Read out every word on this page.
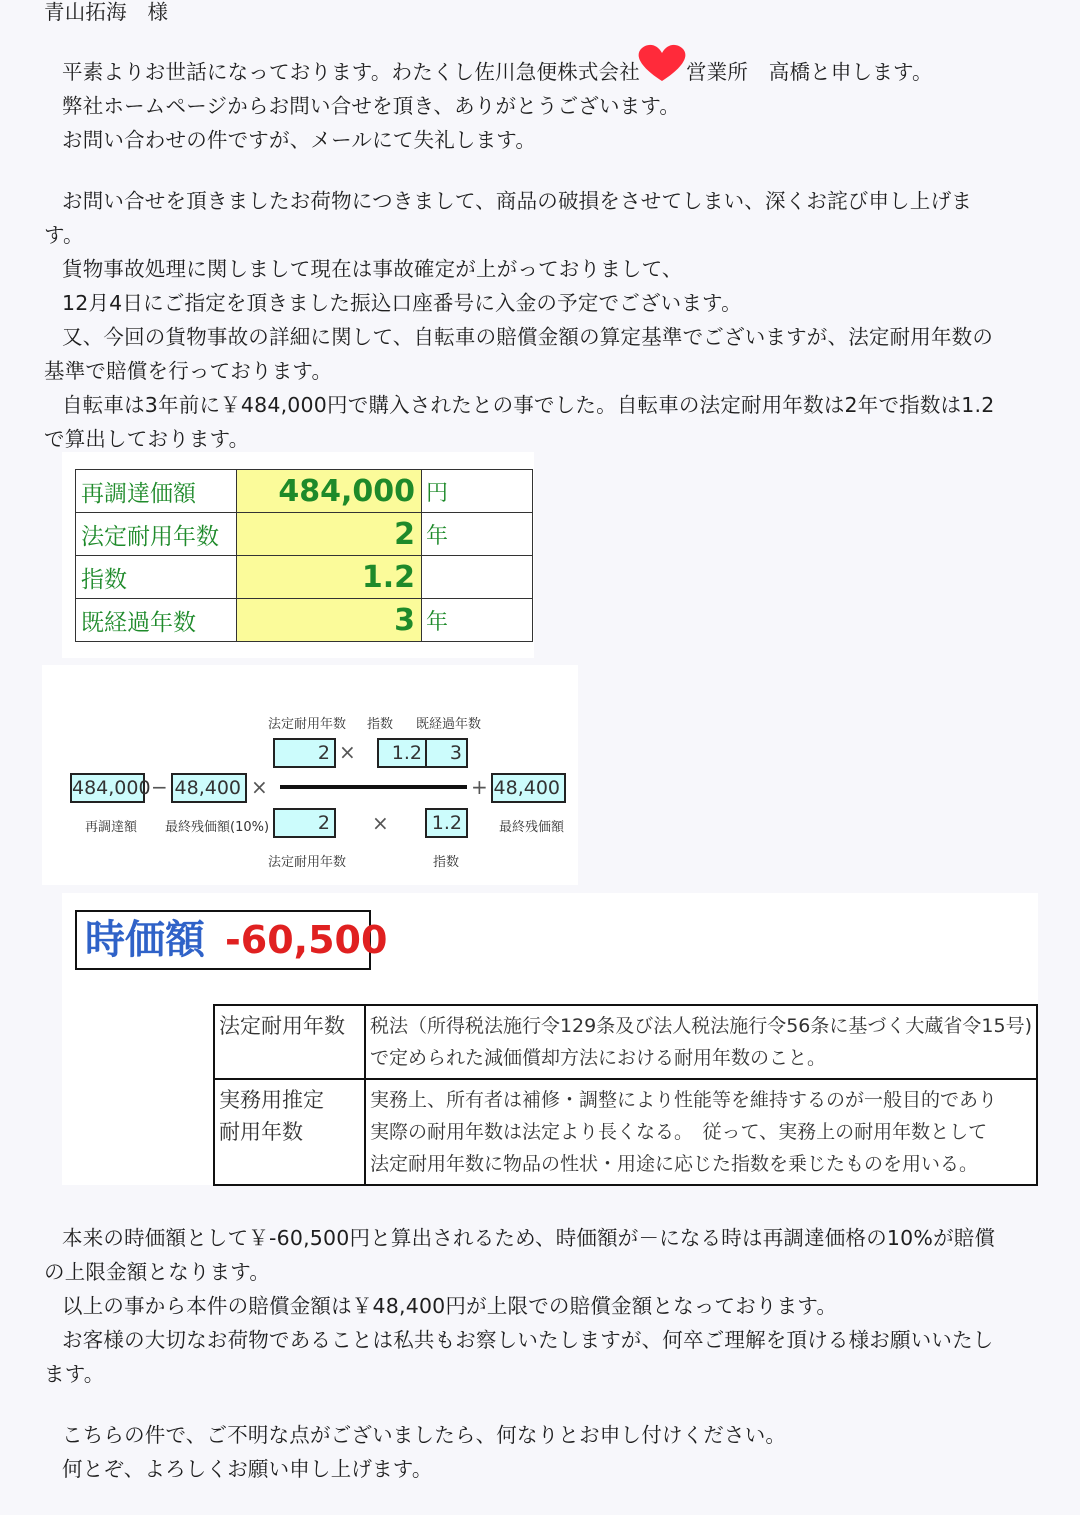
青山拓海　様
平素よりお世話になっております。わたくし佐川急便株式会社 営業所　高橋と申します。
弊社ホームページからお問い合せを頂き、ありがとうございます。
お問い合わせの件ですが、メールにて失礼します。
お問い合せを頂きましたお荷物につきまして、商品の破損をさせてしまい、深くお詫び申し上げま
す。
貨物事故処理に関しまして現在は事故確定が上がっておりまして、
12月4日にご指定を頂きました振込口座番号に入金の予定でございます。
又、今回の貨物事故の詳細に関して、自転車の賠償金額の算定基準でございますが、法定耐用年数の
基準で賠償を行っております。
自転車は3年前に￥484,000円で購入されたとの事でした。自転車の法定耐用年数は2年で指数は1.2
で算出しております。
再調達価額	484,000	円
法定耐用年数	2	年
指数	1.2	
既経過年数	3	年
法定耐用年数 指数 既経過年数
2 ×	1.2	3
484,000 − 48,400 ×	+ 48,400
再調達額 最終残価額(10%)	2	×	1.2	最終残価額
法定耐用年数	指数
時価額 -60,500
法定耐用年数	税法（所得税法施行令129条及び法人税法施行令56条に基づく大蔵省令15号)
で定められた減価償却方法における耐用年数のこと。

実務用推定
耐用年数	実務上、所有者は補修・調整により性能等を維持するのが一般目的であり
実際の耐用年数は法定より長くなる。　従って、実務上の耐用年数として
法定耐用年数に物品の性状・用途に応じた指数を乗じたものを用いる。
本来の時価額として￥-60,500円と算出されるため、時価額が－になる時は再調達価格の10%が賠償
の上限金額となります。
以上の事から本件の賠償金額は￥48,400円が上限での賠償金額となっております。
お客様の大切なお荷物であることは私共もお察しいたしますが、何卒ご理解を頂ける様お願いいたし
ます。
こちらの件で、ご不明な点がございましたら、何なりとお申し付けください。
何とぞ、よろしくお願い申し上げます。
